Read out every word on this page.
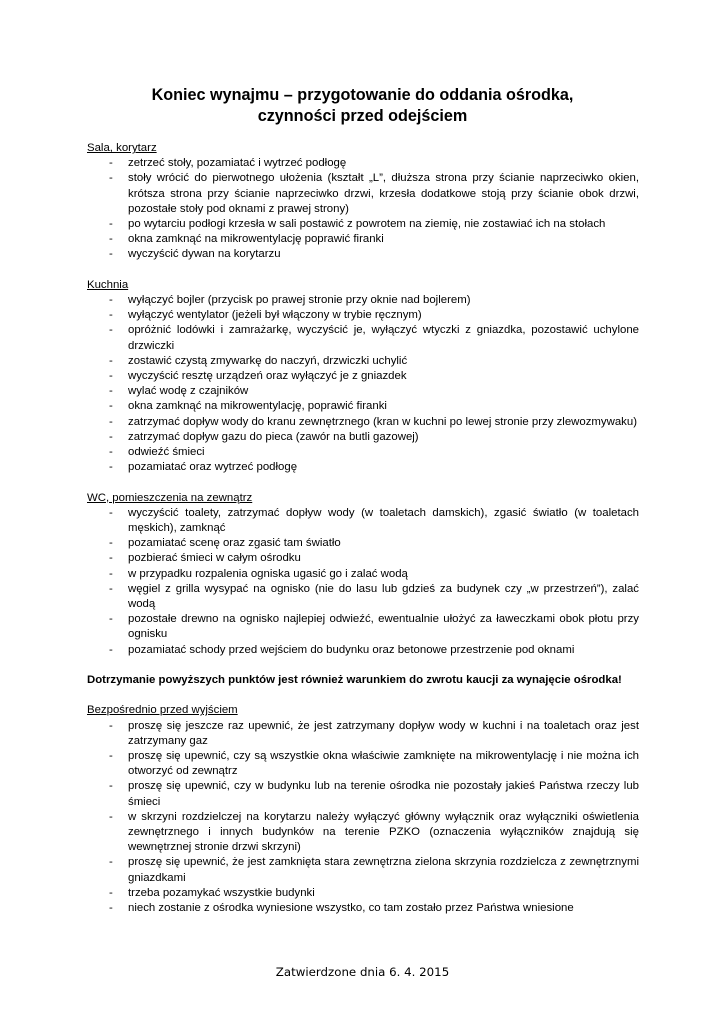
Koniec wynajmu – przygotowanie do oddania ośrodka,
czynności przed odejściem
Sala, korytarz
- zetrzeć stoły, pozamiatać i wytrzeć podłogę
- stoły wrócić do pierwotnego ułożenia (kształt „L”, dłuższa strona przy ścianie naprzeciwko okien, krótsza strona przy ścianie naprzeciwko drzwi, krzesła dodatkowe stoją przy ścianie obok drzwi, pozostałe stoły pod oknami z prawej strony)
- po wytarciu podłogi krzesła w sali postawić z powrotem na ziemię, nie zostawiać ich na stołach
- okna zamknąć na mikrowentylację poprawić firanki
- wyczyścić dywan na korytarzu
Kuchnia
- wyłączyć bojler (przycisk po prawej stronie przy oknie nad bojlerem)
- wyłączyć wentylator (jeżeli był włączony w trybie ręcznym)
- opróżnić lodówki i zamrażarkę, wyczyścić je, wyłączyć wtyczki z gniazdka, pozostawić uchylone drzwiczki
- zostawić czystą zmywarkę do naczyń, drzwiczki uchylić
- wyczyścić resztę urządzeń oraz wyłączyć je z gniazdek
- wylać wodę z czajników
- okna zamknąć na mikrowentylację, poprawić firanki
- zatrzymać dopływ wody do kranu zewnętrznego (kran w kuchni po lewej stronie przy zlewozmywaku)
- zatrzymać dopływ gazu do pieca (zawór na butli gazowej)
- odwieźć śmieci
- pozamiatać oraz wytrzeć podłogę
WC, pomieszczenia na zewnątrz
- wyczyścić toalety, zatrzymać dopływ wody (w toaletach damskich), zgasić światło (w toaletach męskich), zamknąć
- pozamiatać scenę oraz zgasić tam światło
- pozbierać śmieci w całym ośrodku
- w przypadku rozpalenia ogniska ugasić go i zalać wodą
- węgiel z grilla wysypać na ognisko (nie do lasu lub gdzieś za budynek czy „w przestrzeń”), zalać wodą
- pozostałe drewno na ognisko najlepiej odwieźć, ewentualnie ułożyć za ławeczkami obok płotu przy ognisku
- pozamiatać schody przed wejściem do budynku oraz betonowe przestrzenie pod oknami
Dotrzymanie powyższych punktów jest również warunkiem do zwrotu kaucji za wynajęcie ośrodka!
Bezpośrednio przed wyjściem
- proszę się jeszcze raz upewnić, że jest zatrzymany dopływ wody w kuchni i na toaletach oraz jest zatrzymany gaz
- proszę się upewnić, czy są wszystkie okna właściwie zamknięte na mikrowentylację i nie można ich otworzyć od zewnątrz
- proszę się upewnić, czy w budynku lub na terenie ośrodka nie pozostały jakieś Państwa rzeczy lub śmieci
- w skrzyni rozdzielczej na korytarzu należy wyłączyć główny wyłącznik oraz wyłączniki oświetlenia zewnętrznego i innych budynków na terenie PZKO (oznaczenia wyłączników znajdują się wewnętrznej stronie drzwi skrzyni)
- proszę się upewnić, że jest zamknięta stara zewnętrzna zielona skrzynia rozdzielcza z zewnętrznymi gniazdkami
- trzeba pozamykać wszystkie budynki
- niech zostanie z ośrodka wyniesione wszystko, co tam zostało przez Państwa wniesione
Zatwierdzone dnia 6. 4. 2015
